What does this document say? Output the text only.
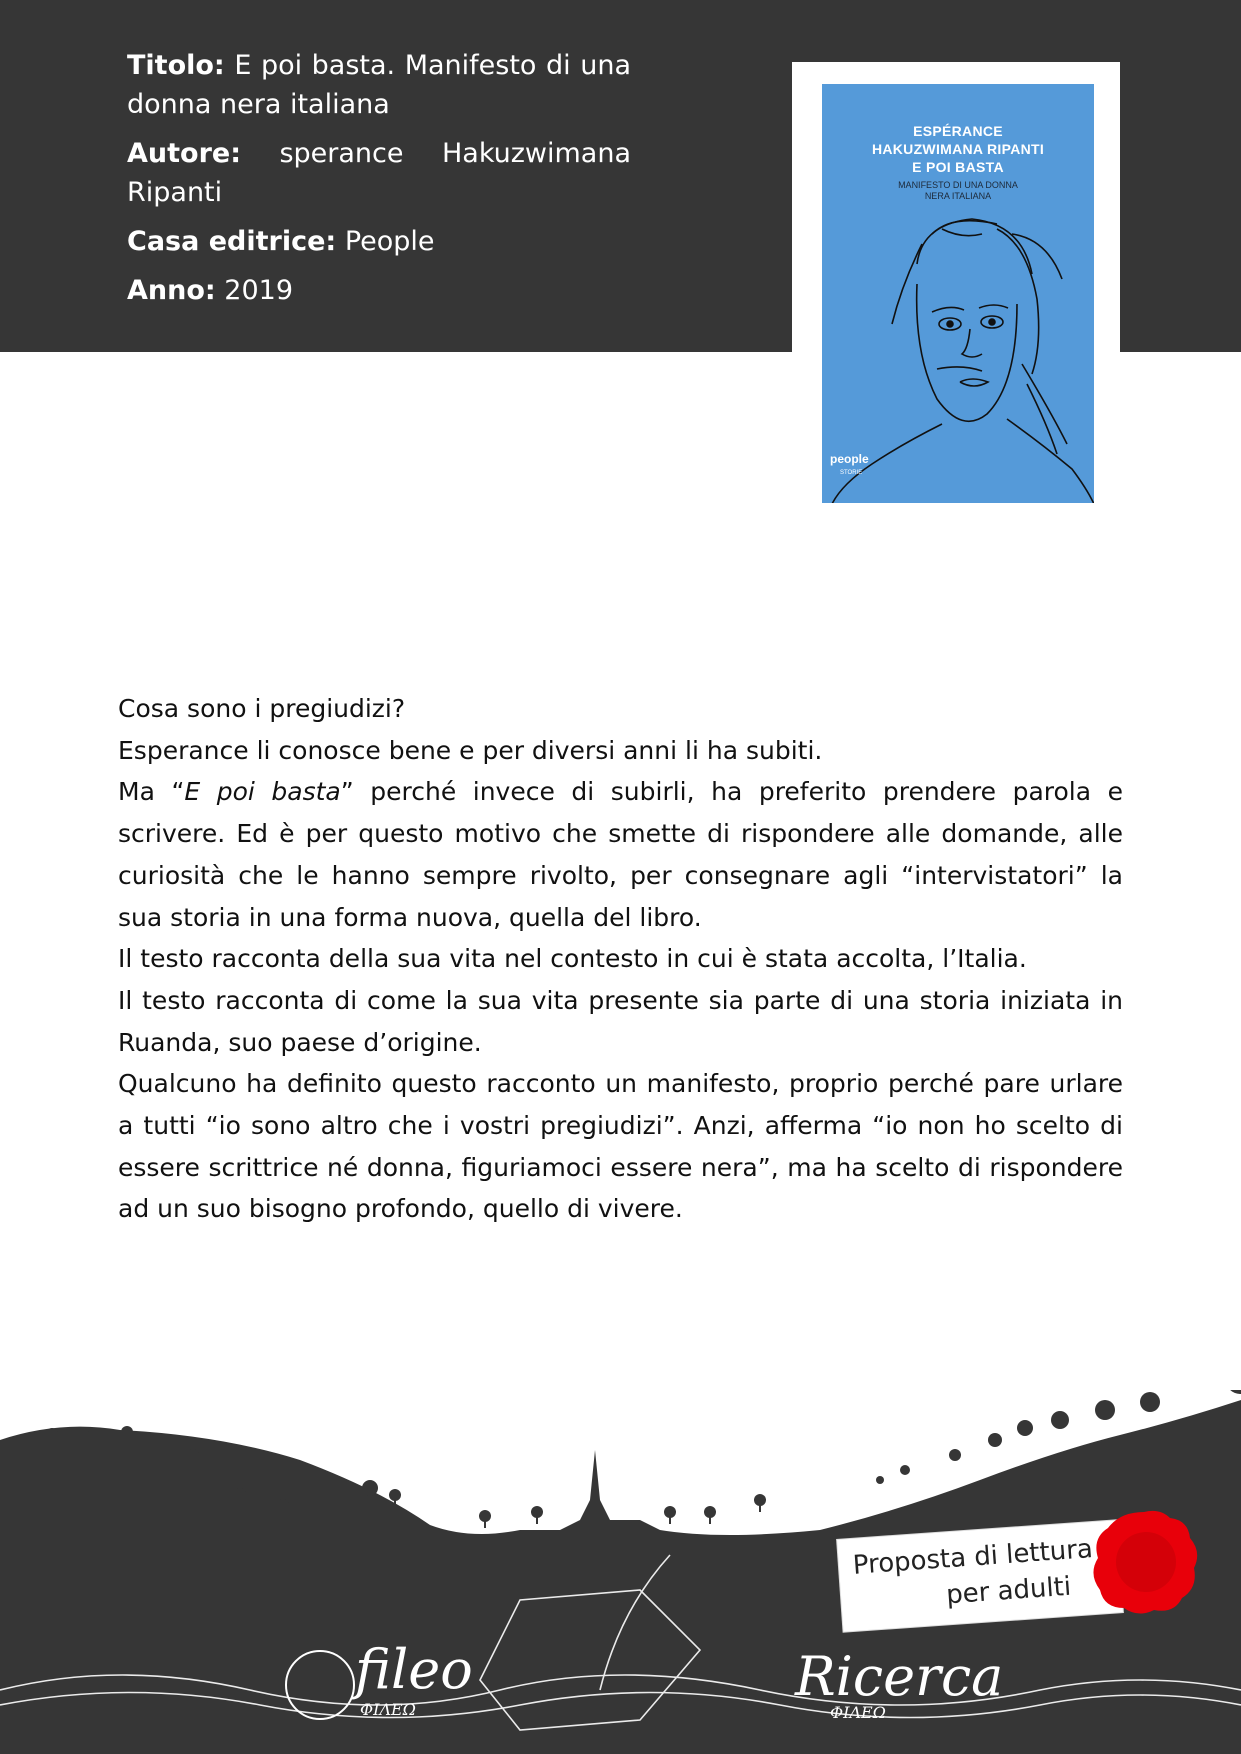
Titolo: E poi basta. Manifesto di una donna nera italiana
Autore: sperance Hakuzwimana Ripanti
Casa editrice: People
Anno: 2019
ESPÉRANCE
HAKUZWIMANA RIPANTI
E POI BASTA
MANIFESTO DI UNA DONNA
NERA ITALIANA
people
STORIE

Cosa sono i pregiudizi?

Esperance li conosce bene e per diversi anni li ha subiti.

Ma “E poi basta” perché invece di subirli, ha preferito prendere parola e scrivere. Ed è per questo motivo che smette di rispondere alle domande, alle curiosità che le hanno sempre rivolto, per consegnare agli “intervistatori” la sua storia in una forma nuova, quella del libro.

Il testo racconta della sua vita nel contesto in cui è stata accolta, l’Italia.

Il testo racconta di come la sua vita presente sia parte di una storia iniziata in Ruanda, suo paese d’origine.

Qualcuno ha definito questo racconto un manifesto, proprio perché pare urlare a tutti “io sono altro che i vostri pregiudizi”. Anzi, afferma “io non ho scelto di essere scrittrice né donna, figuriamoci essere nera”, ma ha scelto di rispondere ad un suo bisogno profondo, quello di vivere.

fileo
ΦΙΛΕΩ
Ricerca
ΦΙΛΕΩ
Proposta di lettura
per adulti
